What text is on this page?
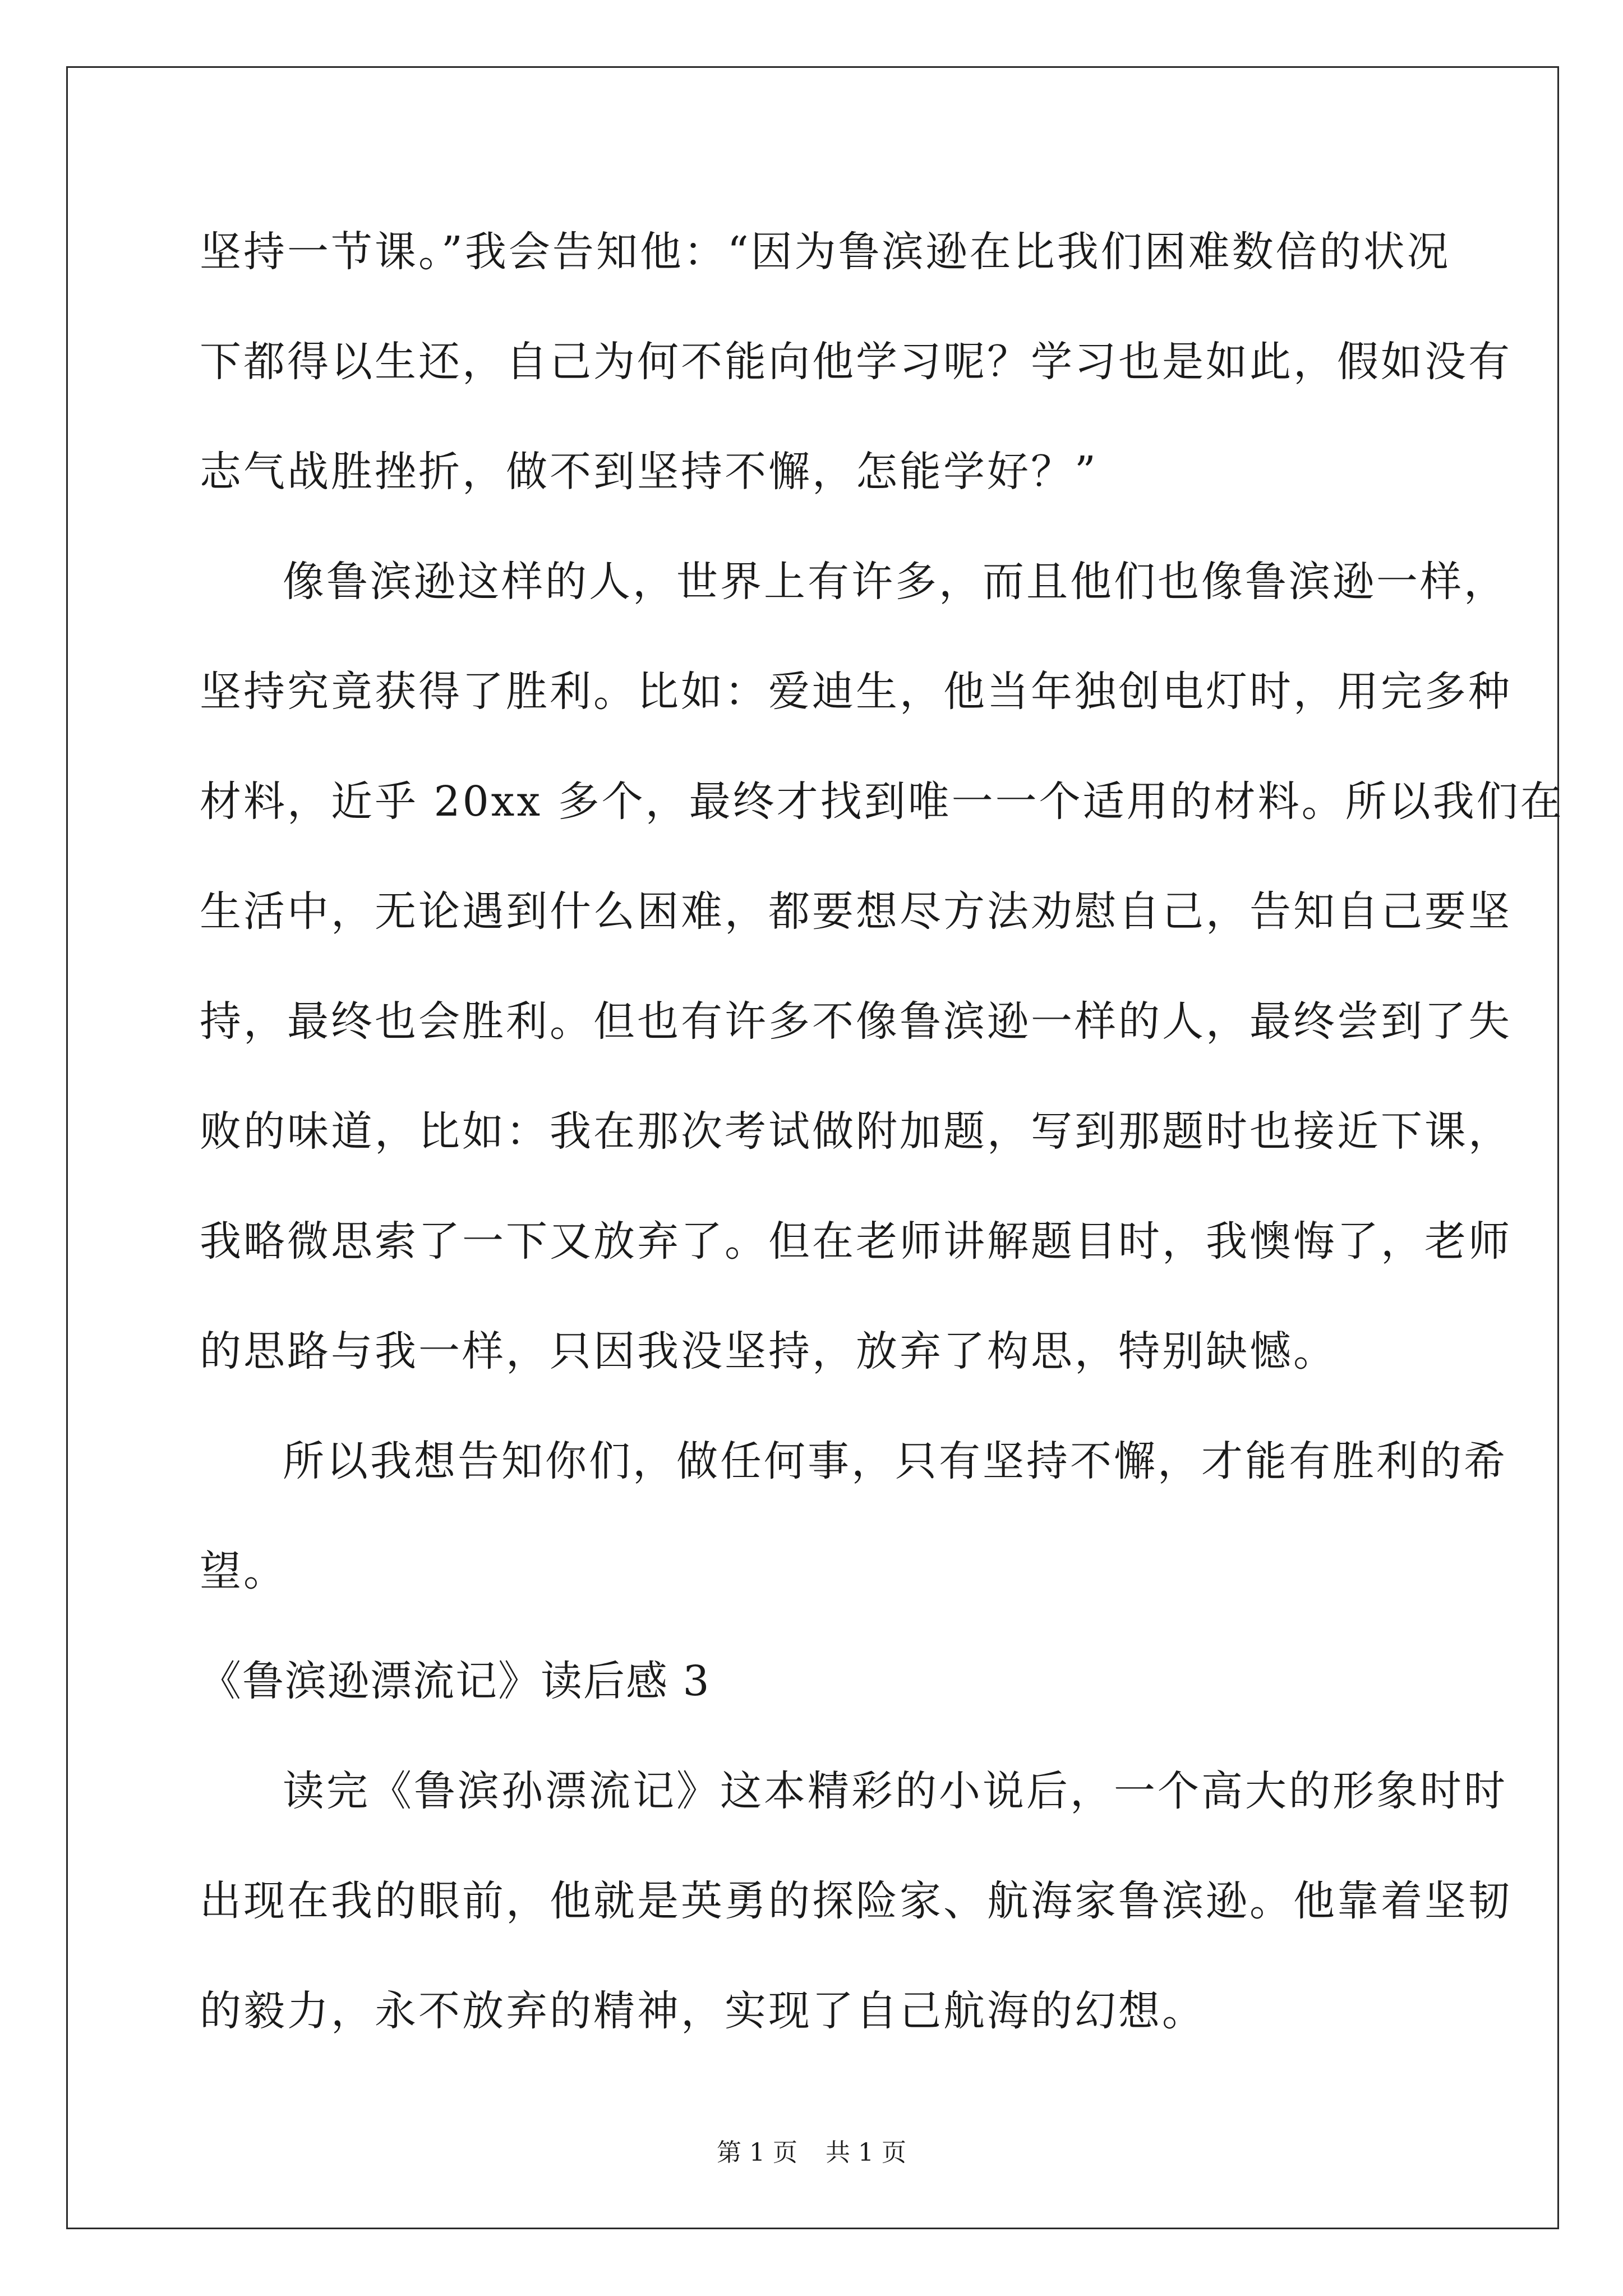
坚持一节课。”我会告知他：“因为鲁滨逊在比我们困难数倍的状况
下都得以生还，自己为何不能向他学习呢？学习也是如此，假如没有
志气战胜挫折，做不到坚持不懈，怎能学好？”
像鲁滨逊这样的人，世界上有许多，而且他们也像鲁滨逊一样，
坚持究竟获得了胜利。比如：爱迪生，他当年独创电灯时，用完多种
材料，近乎 20xx 多个，最终才找到唯一一个适用的材料。所以我们在
生活中，无论遇到什么困难，都要想尽方法劝慰自己，告知自己要坚
持，最终也会胜利。但也有许多不像鲁滨逊一样的人，最终尝到了失
败的味道，比如：我在那次考试做附加题，写到那题时也接近下课，
我略微思索了一下又放弃了。但在老师讲解题目时，我懊悔了，老师
的思路与我一样，只因我没坚持，放弃了构思，特别缺憾。
所以我想告知你们，做任何事，只有坚持不懈，才能有胜利的希
望。
《鲁滨逊漂流记》读后感 3
读完《鲁滨孙漂流记》这本精彩的小说后，一个高大的形象时时
出现在我的眼前，他就是英勇的探险家、航海家鲁滨逊。他靠着坚韧
的毅力，永不放弃的精神，实现了自己航海的幻想。
第 1 页 共 1 页
